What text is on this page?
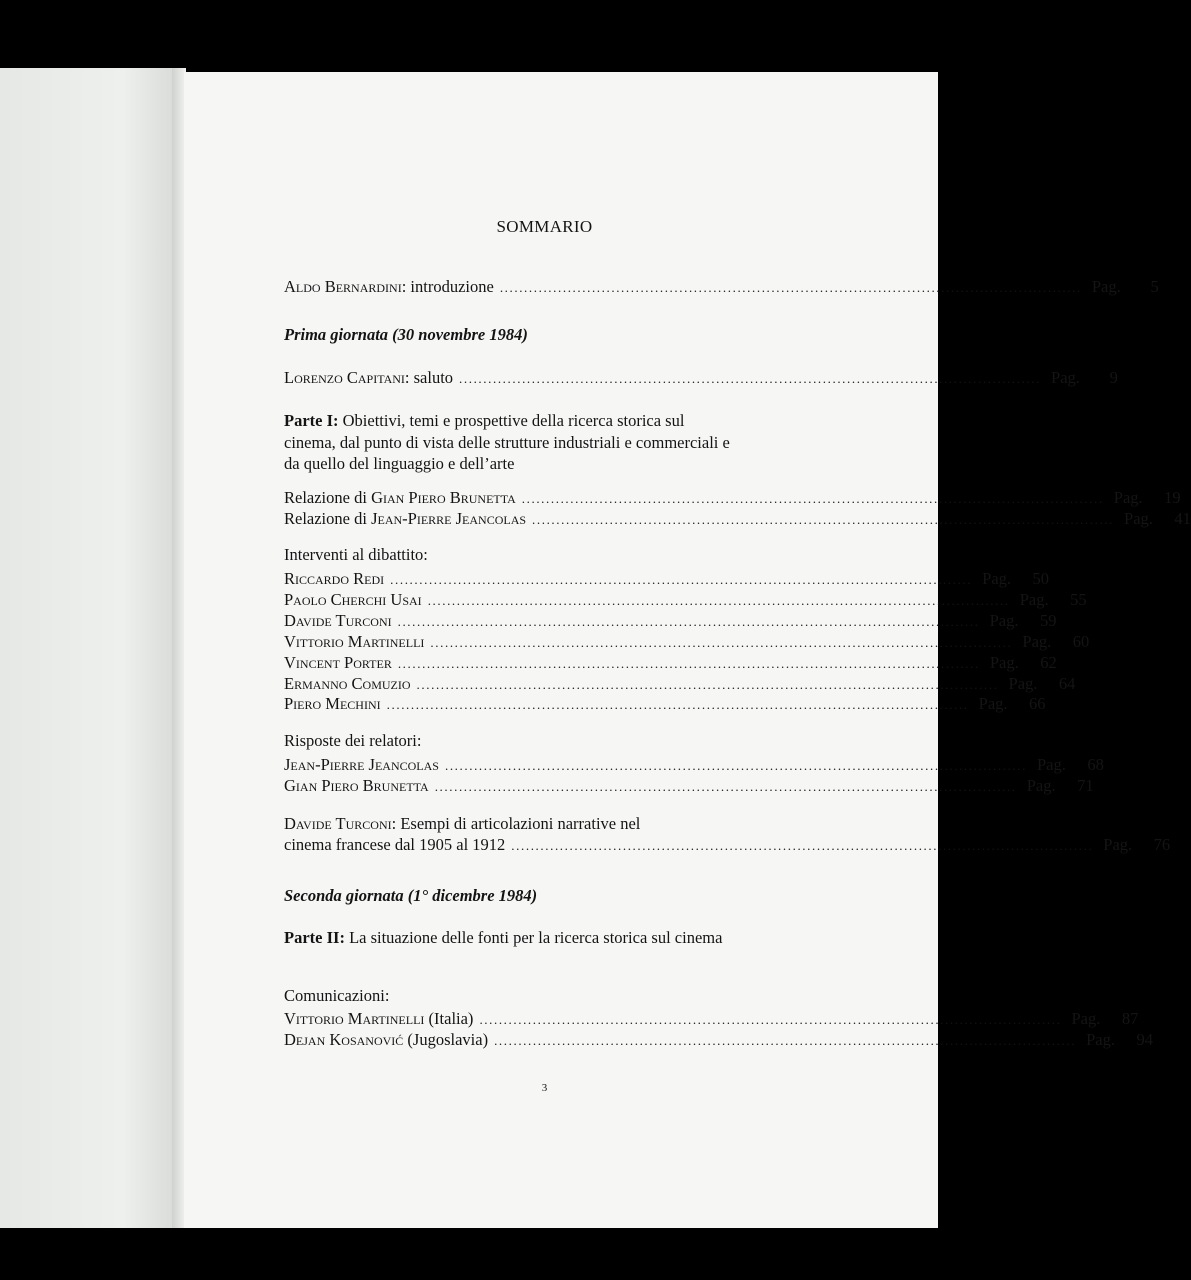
SOMMARIO
Aldo Bernardini: introduzione ........................................................................................................................ Pag. 5
Prima giornata (30 novembre 1984)
Lorenzo Capitani: saluto ........................................................................................................................ Pag. 9
Parte I: Obiettivi, temi e prospettive della ricerca storica sul cinema, dal punto di vista delle strutture industriali e commerciali e da quello del linguaggio e dell’arte
Relazione di Gian Piero Brunetta ........................................................................................................................ Pag. 19
Relazione di Jean-Pierre Jeancolas ........................................................................................................................ Pag. 41
Interventi al dibattito:
Riccardo Redi ........................................................................................................................ Pag. 50
Paolo Cherchi Usai ........................................................................................................................ Pag. 55
Davide Turconi ........................................................................................................................ Pag. 59
Vittorio Martinelli ........................................................................................................................ Pag. 60
Vincent Porter ........................................................................................................................ Pag. 62
Ermanno Comuzio ........................................................................................................................ Pag. 64
Piero Mechini ........................................................................................................................ Pag. 66
Risposte dei relatori:
Jean-Pierre Jeancolas ........................................................................................................................ Pag. 68
Gian Piero Brunetta ........................................................................................................................ Pag. 71
Davide Turconi: Esempi di articolazioni narrative nel
cinema francese dal 1905 al 1912 ........................................................................................................................ Pag. 76
Seconda giornata (1° dicembre 1984)
Parte II: La situazione delle fonti per la ricerca storica sul cinema
Comunicazioni:
Vittorio Martinelli (Italia) ........................................................................................................................ Pag. 87
Dejan Kosanović (Jugoslavia) ........................................................................................................................ Pag. 94
3
